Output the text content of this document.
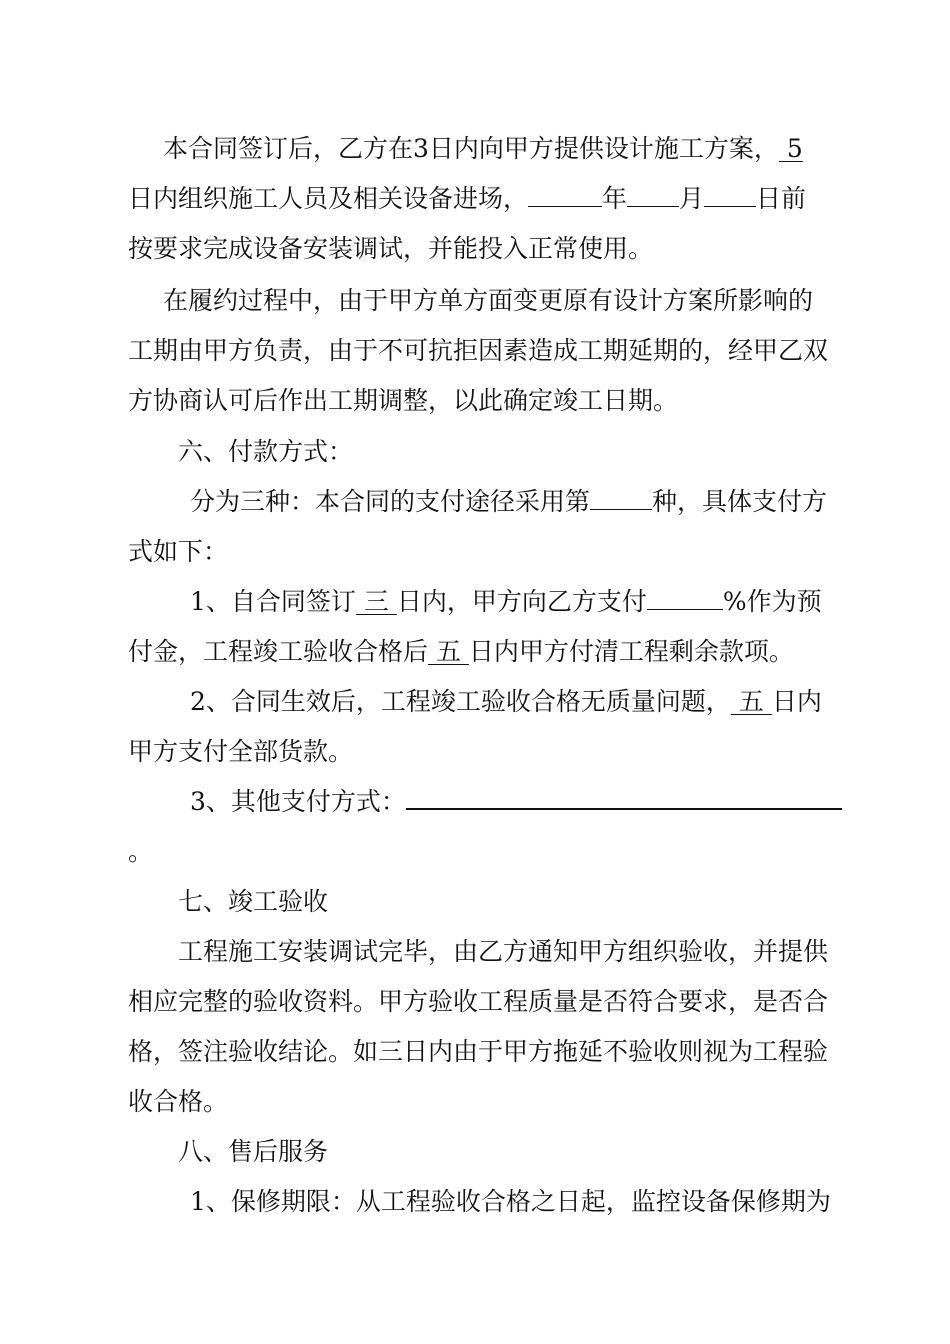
本合同签订后，乙方在3日内向甲方提供设计施工方案， 5
日内组织施工人员及相关设备进场，	年 月 日前
按要求完成设备安装调试，并能投入正常使用。
在履约过程中，由于甲方单方面变更原有设计方案所影响的
工期由甲方负责，由于不可抗拒因素造成工期延期的，经甲乙双
方协商认可后作出工期调整，以此确定竣工日期。
六、付款方式：
分为三种：本合同的支付途径采用第 种，具体支付方
式如下：
1、自合同签订 三 日内，甲方向乙方支付	%作为预
付金，工程竣工验收合格后 五 日内甲方付清工程剩余款项。
2、合同生效后，工程竣工验收合格无质量问题， 五 日内
甲方支付全部货款。
3、其他支付方式：
。
七、竣工验收
工程施工安装调试完毕，由乙方通知甲方组织验收，并提供
相应完整的验收资料。甲方验收工程质量是否符合要求，是否合
格，签注验收结论。如三日内由于甲方拖延不验收则视为工程验
收合格。
八、售后服务
1、保修期限：从工程验收合格之日起，监控设备保修期为
